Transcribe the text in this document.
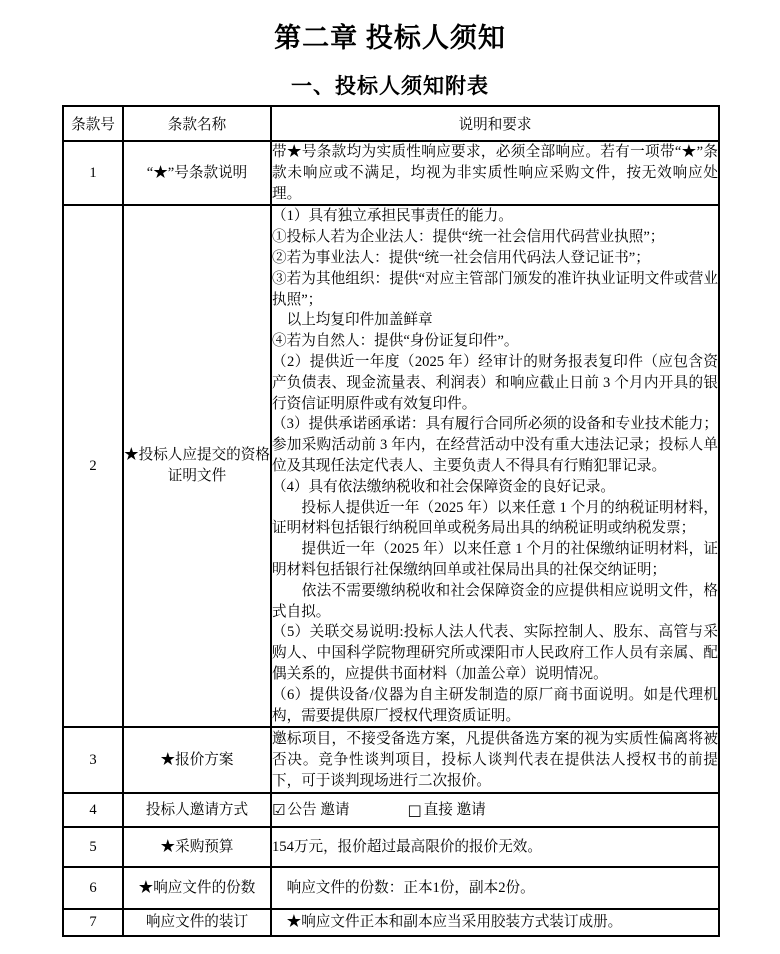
第二章 投标人须知
一、投标人须知附表
条款号	条款名称	说明和要求
1	“★”号条款说明	带★号条款均为实质性响应要求，必须全部响应。若有一项带“★”条款未响应或不满足，均视为非实质性响应采购文件，按无效响应处理。

2	★投标人应提交的资格证明文件	

（1）具有独立承担民事责任的能力。

①投标人若为企业法人：提供“统一社会信用代码营业执照”；

②若为事业法人：提供“统一社会信用代码法人登记证书”；

③若为其他组织：提供“对应主管部门颁发的准许执业证明文件或营业执照”；

　以上均复印件加盖鲜章

④若为自然人：提供“身份证复印件”。

（2）提供近一年度（2025 年）经审计的财务报表复印件（应包含资产负债表、现金流量表、利润表）和响应截止日前 3 个月内开具的银行资信证明原件或有效复印件。

（3）提供承诺函承诺：具有履行合同所必须的设备和专业技术能力；参加采购活动前 3 年内，在经营活动中没有重大违法记录；投标人单位及其现任法定代表人、主要负责人不得具有行贿犯罪记录。

（4）具有依法缴纳税收和社会保障资金的良好记录。

　　投标人提供近一年（2025 年）以来任意 1 个月的纳税证明材料，证明材料包括银行纳税回单或税务局出具的纳税证明或纳税发票；

　　提供近一年（2025 年）以来任意 1 个月的社保缴纳证明材料，证明材料包括银行社保缴纳回单或社保局出具的社保交纳证明；

　　依法不需要缴纳税收和社会保障资金的应提供相应说明文件，格式自拟。

（5）关联交易说明:投标人法人代表、实际控制人、股东、高管与采购人、中国科学院物理研究所或溧阳市人民政府工作人员有亲属、配偶关系的，应提供书面材料（加盖公章）说明情况。

（6）提供设备/仪器为自主研发制造的原厂商书面说明。如是代理机构，需要提供原厂授权代理资质证明。

3	★报价方案	邀标项目，不接受备选方案，凡提供备选方案的视为实质性偏离将被否决。竞争性谈判项目，投标人谈判代表在提供法人授权书的前提下，可于谈判现场进行二次报价。

4	投标人邀请方式	☑ 公告 邀请 □ 直接 邀请

5	★采购预算	154万元，报价超过最高限价的报价无效。

6	★响应文件的份数	　响应文件的份数：正本1份，副本2份。

7	响应文件的装订	　★响应文件正本和副本应当采用胶装方式装订成册。
